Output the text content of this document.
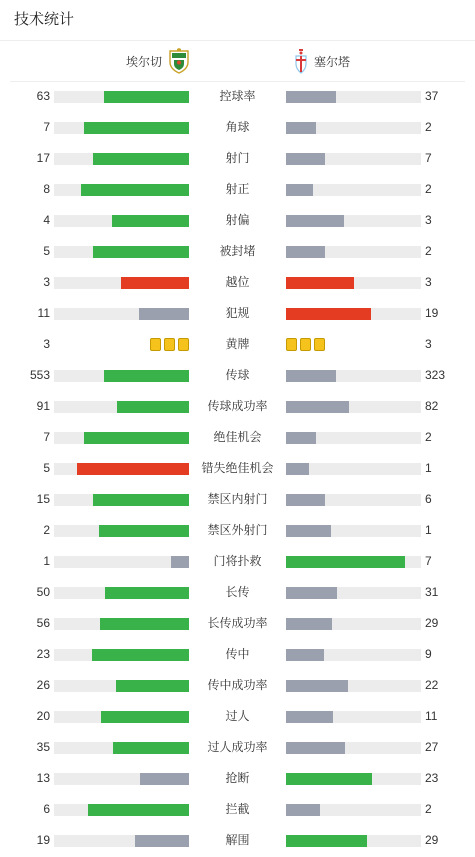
技术统计
埃尔切	塞尔塔
63	控球率	37
7	角球	2
17	射门	7
8	射正	2
4	射偏	3
5	被封堵	2
3	越位	3
11	犯规	19
3	黄牌	3
553	传球	323
91	传球成功率	82
7	绝佳机会	2
5	错失绝佳机会	1
15	禁区内射门	6
2	禁区外射门	1
1	门将扑救	7
50	长传	31
56	长传成功率	29
23	传中	9
26	传中成功率	22
20	过人	11
35	过人成功率	27
13	抢断	23
6	拦截	2
19	解围	29
